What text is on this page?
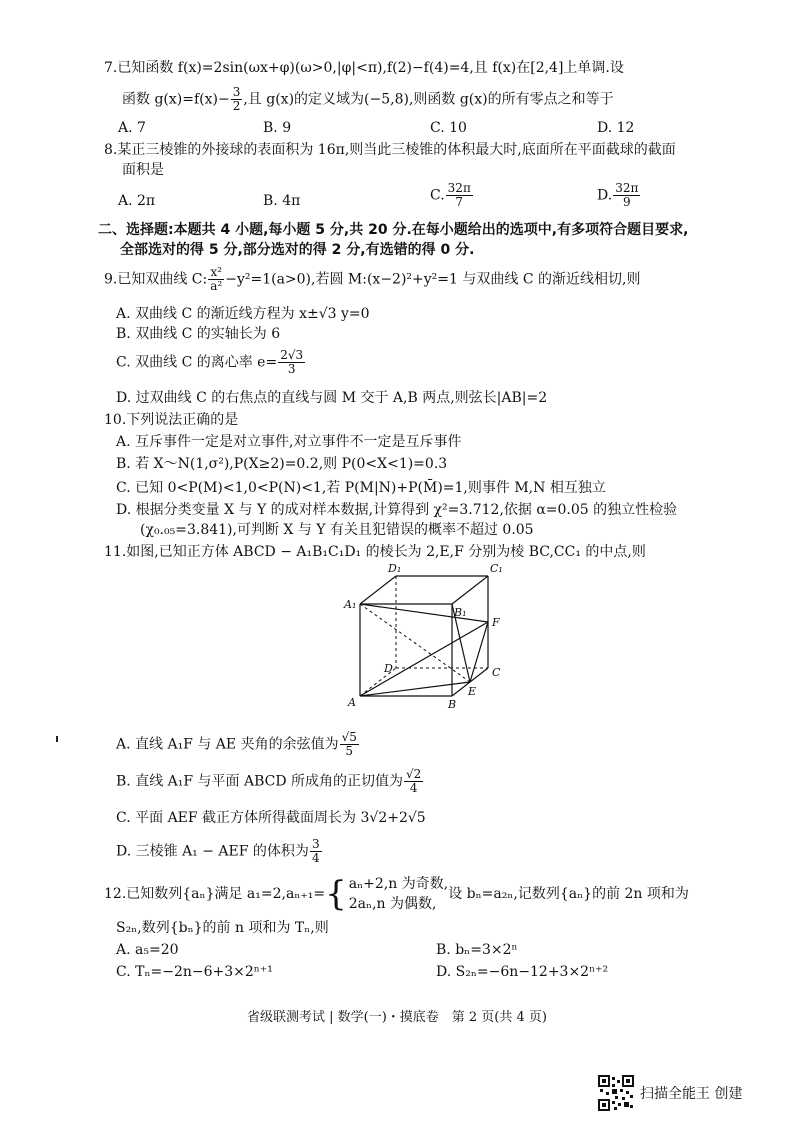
7.已知函数 f(x)=2sin(ωx+φ)(ω>0,|φ|<π),f(2)−f(4)=4,且 f(x)在[2,4]上单调.设
函数 $g(x)=f(x)- \frac{3}{2}$ ,且 g(x)的定义域为(−5,8),则函数 g(x)的所有零点之和等于
A. 7	B. 9	C. 10	D. 12
8.某正三棱锥的外接球的表面积为 16π,则当此三棱锥的体积最大时,底面所在平面截球的截面
面积是
A. 2π	B. 4π	C. $\frac{32\pi}{7}$	D. $\frac{32\pi}{9}$
二、选择题:本题共 4 小题,每小题 5 分,共 20 分.在每小题给出的选项中,有多项符合题目要求,
全部选对的得 5 分,部分选对的得 2 分,有选错的得 0 分.
9.已知双曲线 C: $\frac{\text{x²}}{\text{a²}} -y^2=1(a>0)$,若圆 M:(x−2)²+y²=1 与双曲线 C 的渐近线相切,则
A. 双曲线 C 的渐近线方程为 x±√3 y=0
B. 双曲线 C 的实轴长为 6
C. 双曲线 C 的离心率 $e= \frac{2√3}{3}$
D. 过双曲线 C 的右焦点的直线与圆 M 交于 A,B 两点,则弦长|AB|=2
10.下列说法正确的是
A. 互斥事件一定是对立事件,对立事件不一定是互斥事件
B. 若 X～N(1,σ²),P(X≥2)=0.2,则 P(0<X<1)=0.3
C. 已知 0<P(M)<1,0<P(N)<1,若 P(M|N)+P(M̄)=1,则事件 M,N 相互独立
D. 根据分类变量 X 与 Y 的成对样本数据,计算得到 χ²=3.712,依据 α=0.05 的独立性检验
(χ₀.₀₅=3.841),可判断 X 与 Y 有关且犯错误的概率不超过 0.05
11.如图,已知正方体 ABCD − A₁B₁C₁D₁ 的棱长为 2,E,F 分别为棱 BC,CC₁ 的中点,则
D₁	C₁
A₁
B₁
F
D	C
E
A	B
A. 直线 A₁F 与 AE 夹角的余弦值为 $\frac{√5}{5}$
B. 直线 A₁F 与平面 ABCD 所成角的正切值为 $\frac{√2}{4}$
C. 平面 AEF 截正方体所得截面周长为 3√2+2√5
D. 三棱锥 A₁ − AEF 的体积为 $\frac{3}{4}$
12.已知数列{aₙ}满足 a₁=2,aₙ₊₁={ aₙ+2,n 为奇数,
2aₙ,n 为偶数,
设 bₙ=a₂ₙ,记数列{aₙ}的前 2n 项和为
S₂ₙ,数列{bₙ}的前 n 项和为 Tₙ,则
A. a₅=20	B. bₙ=3×2ⁿ
C. Tₙ=−2n−6+3×2ⁿ⁺¹	D. S₂ₙ=−6n−12+3×2ⁿ⁺²
省级联测考试 | 数学(一)・摸底卷　第 2 页(共 4 页)
扫描全能王 创建
